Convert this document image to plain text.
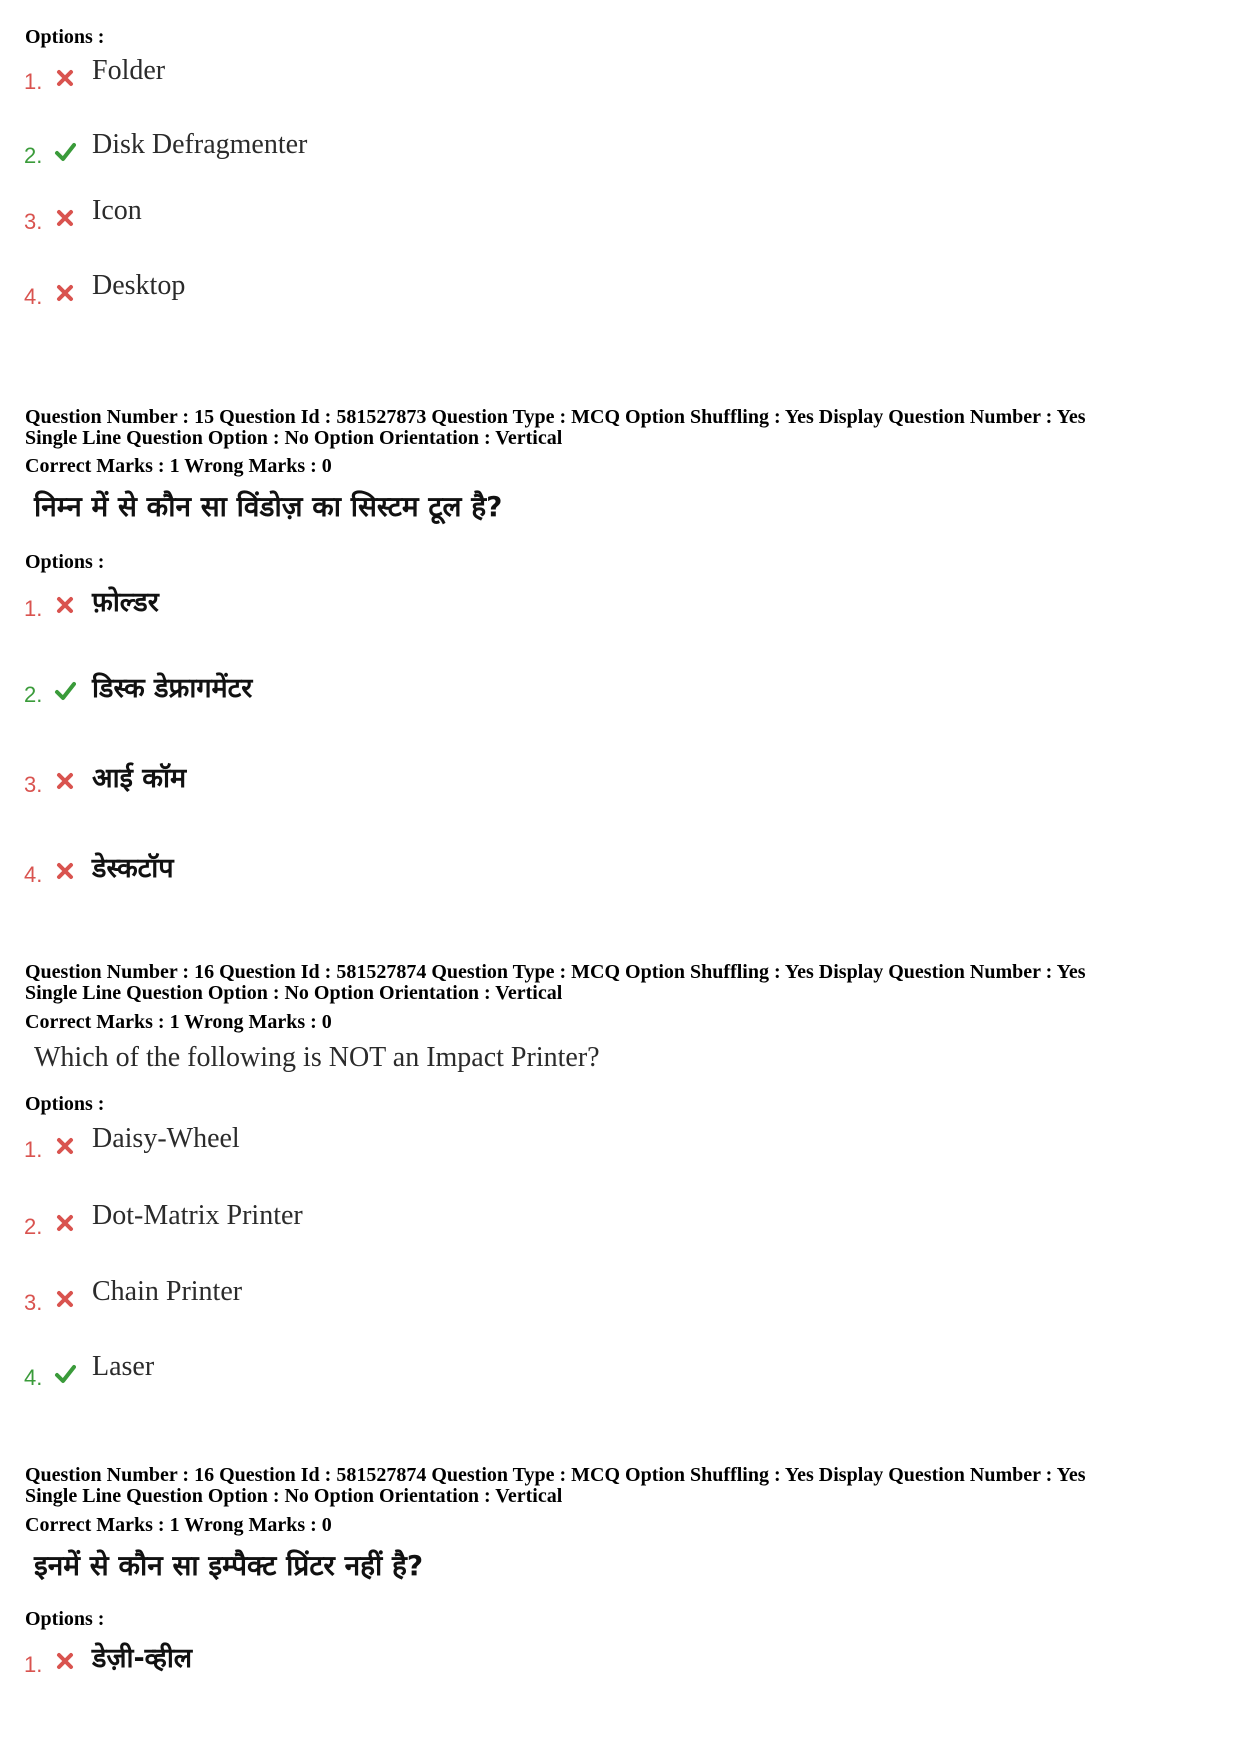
Options :
1. Folder
2. Disk Defragmenter
3. Icon
4. Desktop
Question Number : 15 Question Id : 581527873 Question Type : MCQ Option Shuffling : Yes Display Question Number : Yes
Single Line Question Option : No Option Orientation : Vertical
Correct Marks : 1 Wrong Marks : 0
निम्न में से कौन सा विंडोज़ का सिस्टम टूल है?
Options :
1. फ़ोल्डर
2. डिस्क डेफ्रागमेंटर
3. आई कॉम
4. डेस्कटॉप
Question Number : 16 Question Id : 581527874 Question Type : MCQ Option Shuffling : Yes Display Question Number : Yes
Single Line Question Option : No Option Orientation : Vertical
Correct Marks : 1 Wrong Marks : 0
Which of the following is NOT an Impact Printer?
Options :
1. Daisy-Wheel
2. Dot-Matrix Printer
3. Chain Printer
4. Laser
Question Number : 16 Question Id : 581527874 Question Type : MCQ Option Shuffling : Yes Display Question Number : Yes
Single Line Question Option : No Option Orientation : Vertical
Correct Marks : 1 Wrong Marks : 0
इनमें से कौन सा इम्पैक्ट प्रिंटर नहीं है?
Options :
1. डेज़ी-व्हील
